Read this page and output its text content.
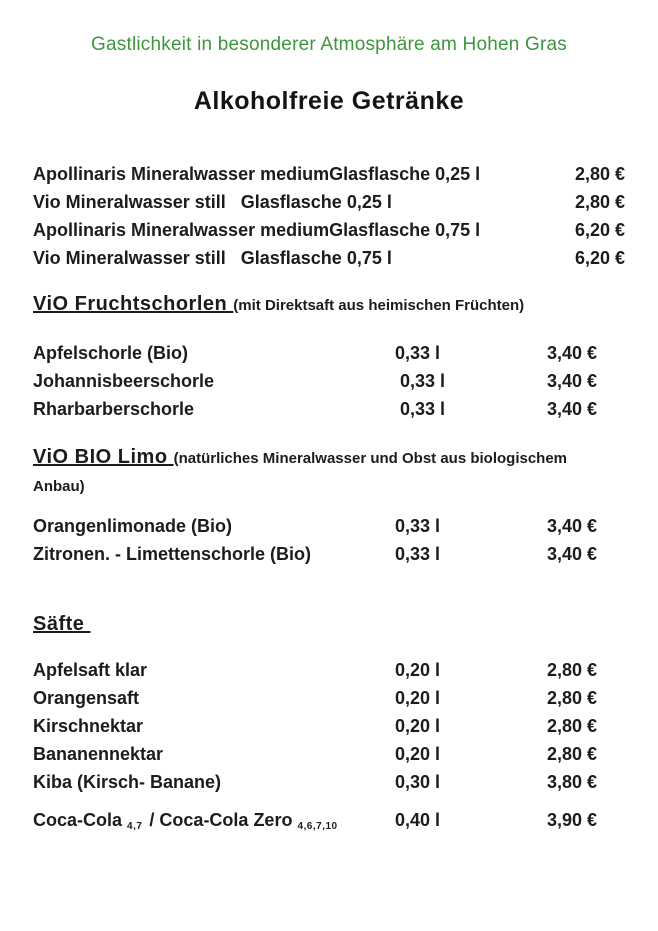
Gastlichkeit in besonderer Atmosphäre am Hohen Gras
Alkoholfreie Getränke
Apollinaris Mineralwasser mediumGlasflasche 0,25 l	2,80 €
Vio Mineralwasser still   Glasflasche 0,25 l	2,80 €
Apollinaris Mineralwasser mediumGlasflasche 0,75 l	6,20 €
Vio Mineralwasser still   Glasflasche 0,75 l	6,20 €
ViO Fruchtschorlen (mit Direktsaft aus heimischen Früchten)
Apfelschorle (Bio)	0,33 l	3,40 €
Johannisbeerschorle	0,33 l	3,40 €
Rharbarberschorle	0,33 l	3,40 €
ViO BIO Limo (natürliches Mineralwasser und Obst aus biologischem
Anbau)
Orangenlimonade (Bio)	0,33 l	3,40 €
Zitronen. - Limettenschorle (Bio)	0,33 l	3,40 €
Säfte
Apfelsaft klar	0,20 l	2,80 €
Orangensaft	0,20 l	2,80 €
Kirschnektar	0,20 l	2,80 €
Bananennektar	0,20 l	2,80 €
Kiba (Kirsch- Banane)	0,30 l	3,80 €
Coca-Cola 4,7 / Coca-Cola Zero 4,6,7,10	0,40 l	3,90 €
